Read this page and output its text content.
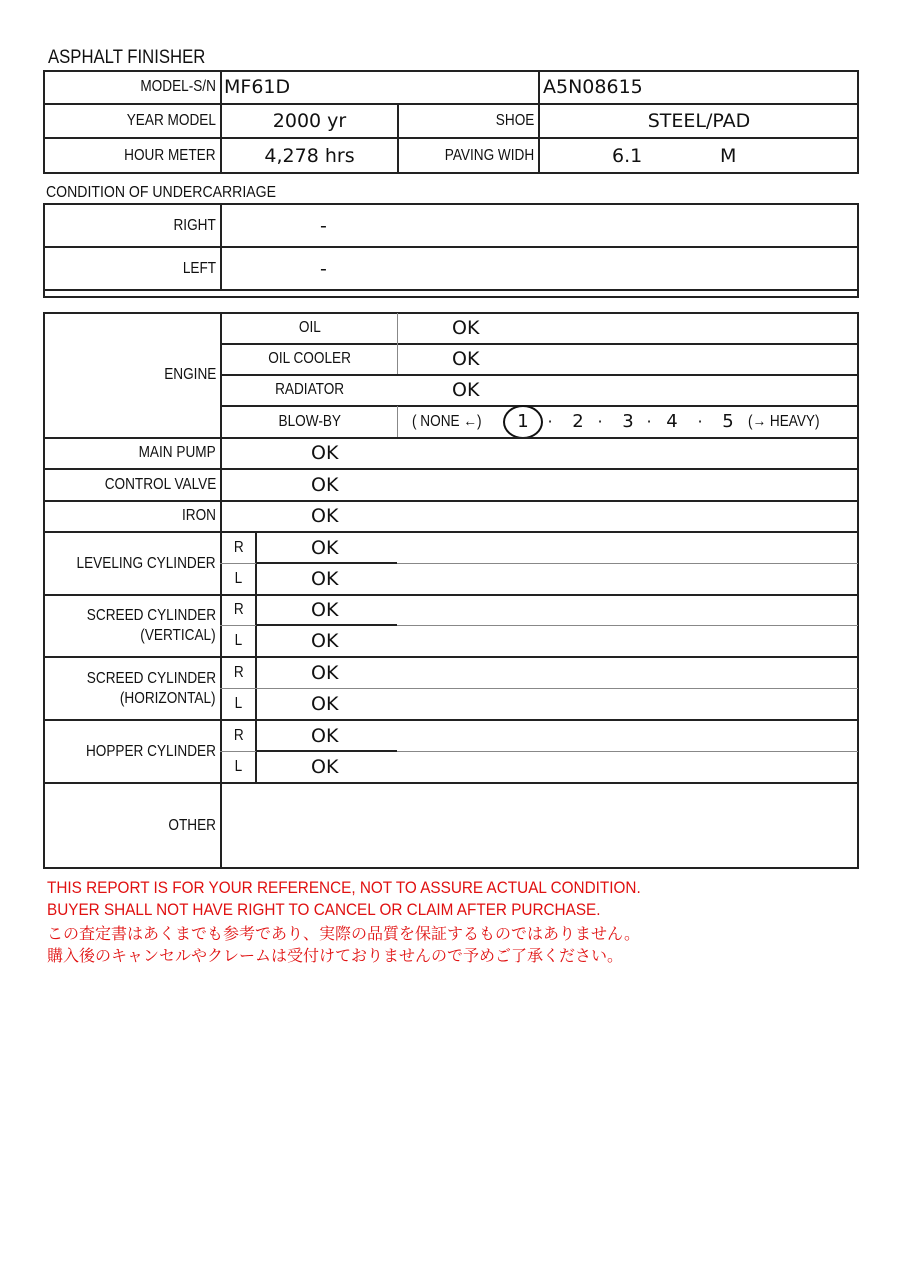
ASPHALT FINISHER
MODEL-S/N MF61D	A5N08615
YEAR MODEL	2000 yr	SHOE	STEEL/PAD
HOUR METER	4,278 hrs	PAVING WIDH	6.1	M
CONDITION OF UNDERCARRIAGE
RIGHT	-
LEFT	-
ENGINE
OIL	OK
OIL COOLER	OK
RADIATOR	OK
BLOW-BY	( NONE ←) 1 · 2 · 3 · 4 · 5 (→ HEAVY)
MAIN PUMP	OK
CONTROL VALVE	OK
IRON	OK
LEVELING CYLINDER
R	OK
L	OK
SCREED CYLINDER
(VERTICAL)
R	OK
L	OK
SCREED CYLINDER
(HORIZONTAL)
R	OK
L	OK
HOPPER CYLINDER
R	OK
L	OK
OTHER
THIS REPORT IS FOR YOUR REFERENCE, NOT TO ASSURE ACTUAL CONDITION.
BUYER SHALL NOT HAVE RIGHT TO CANCEL OR CLAIM AFTER PURCHASE.
この査定書はあくまでも参考であり、実際の品質を保証するものではありません。
購入後のキャンセルやクレームは受付けておりませんので予めご了承ください。
